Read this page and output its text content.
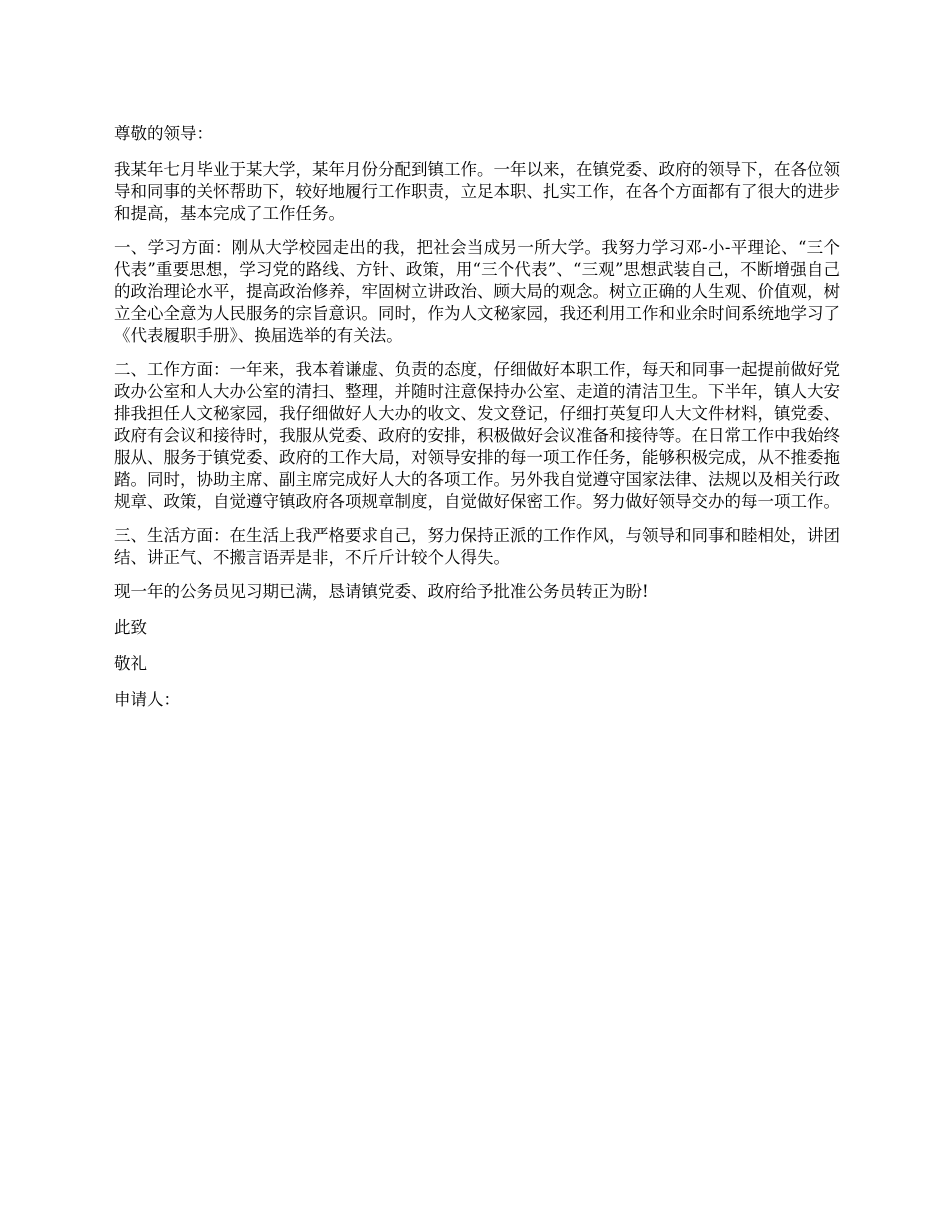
尊敬的领导：

我某年七月毕业于某大学，某年月份分配到镇工作。一年以来，在镇党委、政府的领导下，在各位领导和同事的关怀帮助下，较好地履行工作职责，立足本职、扎实工作，在各个方面都有了很大的进步和提高，基本完成了工作任务。

一、学习方面：刚从大学校园走出的我，把社会当成另一所大学。我努力学习邓-小-平理论、“三个代表”重要思想，学习党的路线、方针、政策，用“三个代表”、“三观”思想武装自己，不断增强自己的政治理论水平，提高政治修养，牢固树立讲政治、顾大局的观念。树立正确的人生观、价值观，树立全心全意为人民服务的宗旨意识。同时，作为人文秘家园，我还利用工作和业余时间系统地学习了《代表履职手册》、换届选举的有关法。

二、工作方面：一年来，我本着谦虚、负责的态度，仔细做好本职工作，每天和同事一起提前做好党政办公室和人大办公室的清扫、整理，并随时注意保持办公室、走道的清洁卫生。下半年，镇人大安排我担任人文秘家园，我仔细做好人大办的收文、发文登记，仔细打英复印人大文件材料，镇党委、政府有会议和接待时，我服从党委、政府的安排，积极做好会议准备和接待等。在日常工作中我始终服从、服务于镇党委、政府的工作大局，对领导安排的每一项工作任务，能够积极完成，从不推委拖踏。同时，协助主席、副主席完成好人大的各项工作。另外我自觉遵守国家法律、法规以及相关行政规章、政策，自觉遵守镇政府各项规章制度，自觉做好保密工作。努力做好领导交办的每一项工作。

三、生活方面：在生活上我严格要求自己，努力保持正派的工作作风，与领导和同事和睦相处，讲团结、讲正气、不搬言语弄是非，不斤斤计较个人得失。

现一年的公务员见习期已满，恳请镇党委、政府给予批准公务员转正为盼!

此致

敬礼

申请人：
